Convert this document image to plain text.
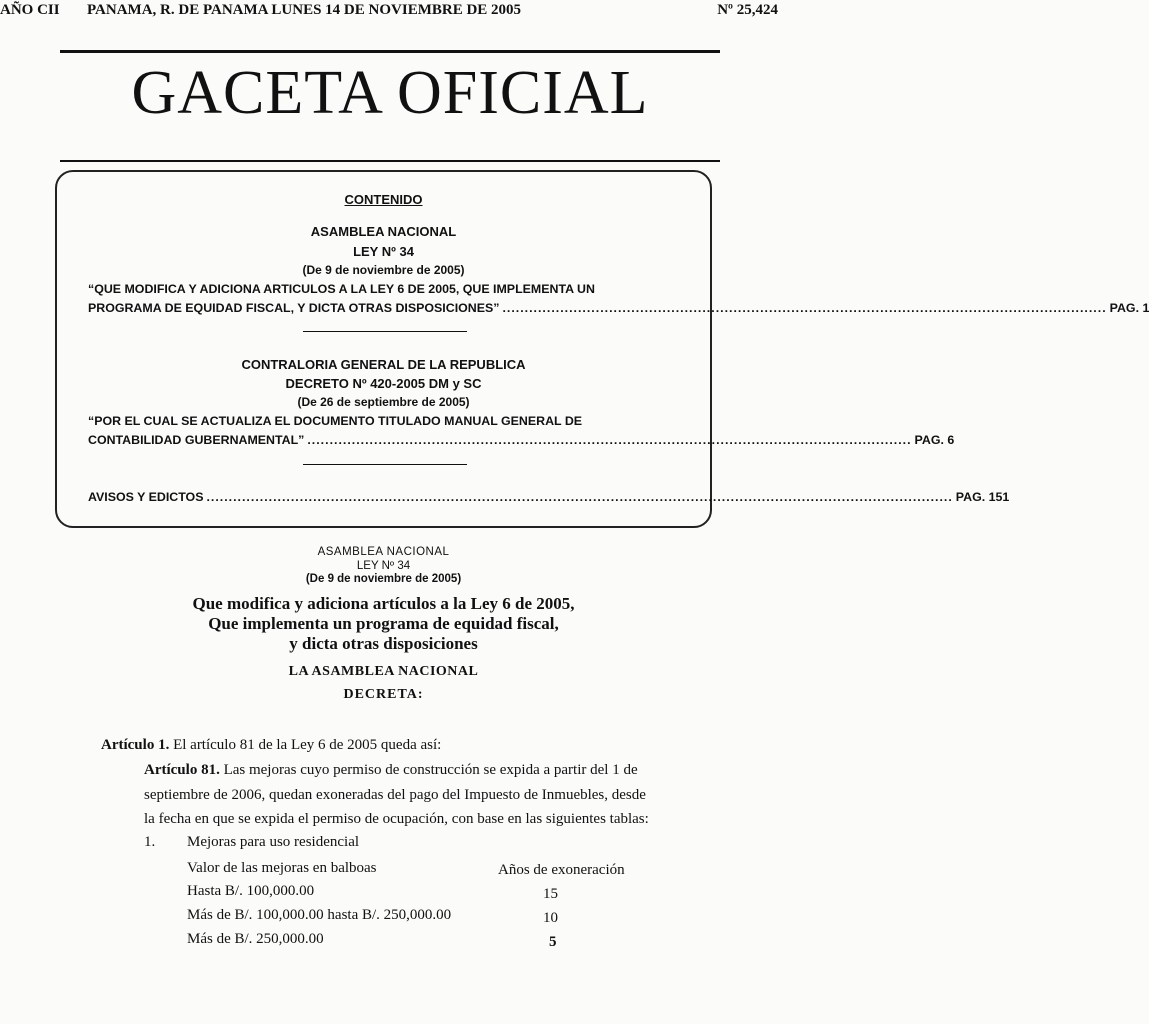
GACETA OFICIAL
AÑO CII PANAMA, R. DE PANAMA LUNES 14 DE NOVIEMBRE DE 2005	Nº 25,424
CONTENIDO
ASAMBLEA NACIONAL
LEY Nº 34
(De 9 de noviembre de 2005)
“QUE MODIFICA Y ADICIONA ARTICULOS A LA LEY 6 DE 2005, QUE IMPLEMENTA UN
PROGRAMA DE EQUIDAD FISCAL, Y DICTA OTRAS DISPOSICIONES” ........................................................................................................................................ PAG. 1
CONTRALORIA GENERAL DE LA REPUBLICA
DECRETO Nº 420-2005 DM y SC
(De 26 de septiembre de 2005)
“POR EL CUAL SE ACTUALIZA EL DOCUMENTO TITULADO MANUAL GENERAL DE
CONTABILIDAD GUBERNAMENTAL” ........................................................................................................................................ PAG. 6
AVISOS Y EDICTOS ........................................................................................................................................................................ PAG. 151
ASAMBLEA NACIONAL
LEY Nº 34
(De 9 de noviembre de 2005)
Que modifica y adiciona artículos a la Ley 6 de 2005,
Que implementa un programa de equidad fiscal,
y dicta otras disposiciones
LA ASAMBLEA NACIONAL
DECRETA:
Artículo 1. El artículo 81 de la Ley 6 de 2005 queda así:
Artículo 81. Las mejoras cuyo permiso de construcción se expida a partir del 1 de
septiembre de 2006, quedan exoneradas del pago del Impuesto de Inmuebles, desde
la fecha en que se expida el permiso de ocupación, con base en las siguientes tablas:
1. Mejoras para uso residencial
Valor de las mejoras en balboas	Años de exoneración
Hasta B/. 100,000.00	15
Más de B/. 100,000.00 hasta B/. 250,000.00	10
Más de B/. 250,000.00	5
